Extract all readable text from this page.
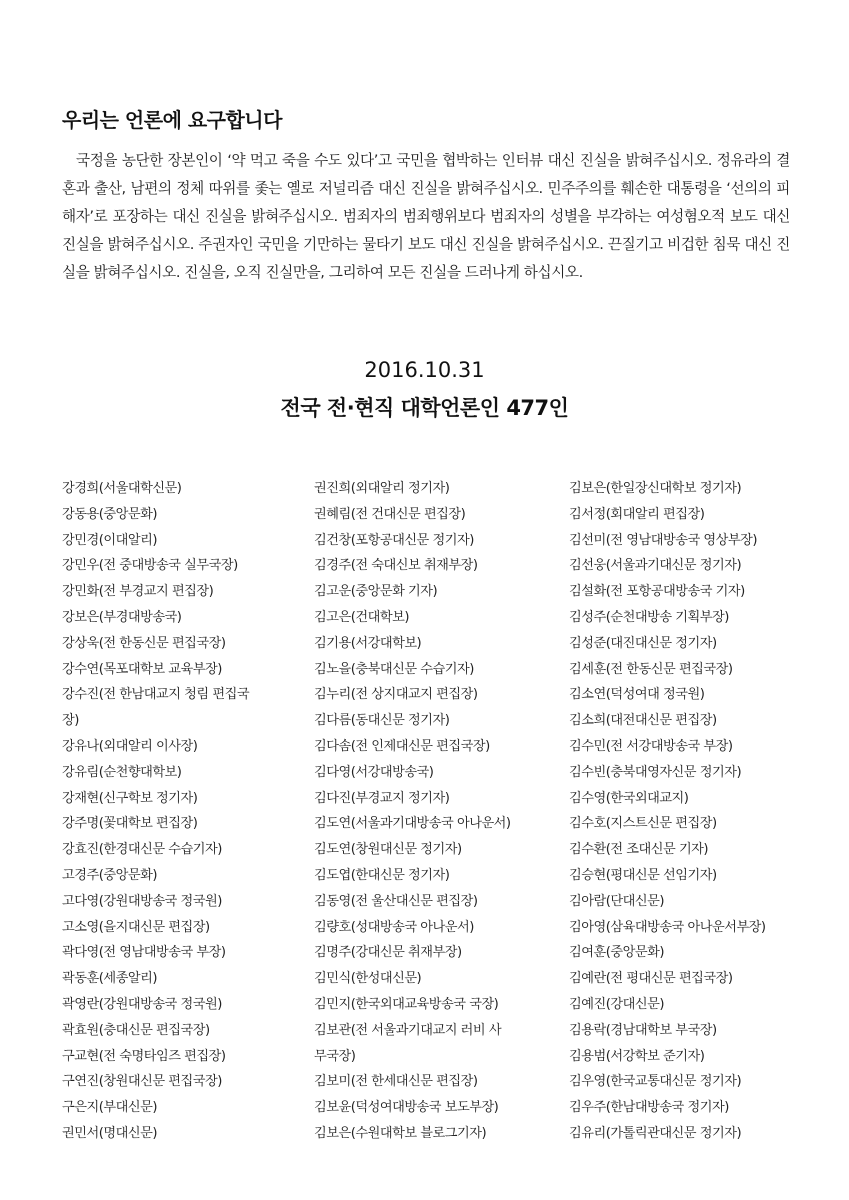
우리는 언론에 요구합니다

국정을 농단한 장본인이 ‘약 먹고 죽을 수도 있다’고 국민을 협박하는 인터뷰 대신 진실을 밝혀주십시오. 정유라의 결혼과 출산, 남편의 정체 따위를 좇는 옐로 저널리즘 대신 진실을 밝혀주십시오. 민주주의를 훼손한 대통령을 ‘선의의 피해자’로 포장하는 대신 진실을 밝혀주십시오. 범죄자의 범죄행위보다 범죄자의 성별을 부각하는 여성혐오적 보도 대신 진실을 밝혀주십시오. 주권자인 국민을 기만하는 물타기 보도 대신 진실을 밝혀주십시오. 끈질기고 비겁한 침묵 대신 진실을 밝혀주십시오. 진실을, 오직 진실만을, 그리하여 모든 진실을 드러나게 하십시오.

2016.10.31
전국 전·현직 대학언론인 477인
강경희(서울대학신문)
강동용(중앙문화)
강민경(이대알리)
강민우(전 중대방송국 실무국장)
강민화(전 부경교지 편집장)
강보은(부경대방송국)
강상욱(전 한동신문 편집국장)
강수연(목포대학보 교육부장)
강수진(전 한남대교지 청림 편집국
장)
강유나(외대알리 이사장)
강유림(순천향대학보)
강재현(신구학보 정기자)
강주명(꽃대학보 편집장)
강효진(한경대신문 수습기자)
고경주(중앙문화)
고다영(강원대방송국 정국원)
고소영(을지대신문 편집장)
곽다영(전 영남대방송국 부장)
곽동훈(세종알리)
곽영란(강원대방송국 정국원)
곽효원(충대신문 편집국장)
구교현(전 숙명타임즈 편집장)
구연진(창원대신문 편집국장)
구은지(부대신문)
권민서(명대신문)
권진희(외대알리 정기자)
권혜림(전 건대신문 편집장)
김건창(포항공대신문 정기자)
김경주(전 숙대신보 취재부장)
김고운(중앙문화 기자)
김고은(건대학보)
김기용(서강대학보)
김노을(충북대신문 수습기자)
김누리(전 상지대교지 편집장)
김다름(동대신문 정기자)
김다솜(전 인제대신문 편집국장)
김다영(서강대방송국)
김다진(부경교지 정기자)
김도연(서울과기대방송국 아나운서)
김도연(창원대신문 정기자)
김도엽(한대신문 정기자)
김동영(전 울산대신문 편집장)
김량호(성대방송국 아나운서)
김명주(강대신문 취재부장)
김민식(한성대신문)
김민지(한국외대교육방송국 국장)
김보관(전 서울과기대교지 러비 사
무국장)
김보미(전 한세대신문 편집장)
김보윤(덕성여대방송국 보도부장)
김보은(수원대학보 블로그기자)
김보은(한일장신대학보 정기자)
김서정(회대알리 편집장)
김선미(전 영남대방송국 영상부장)
김선웅(서울과기대신문 정기자)
김설화(전 포항공대방송국 기자)
김성주(순천대방송 기획부장)
김성준(대진대신문 정기자)
김세훈(전 한동신문 편집국장)
김소연(덕성여대 정국원)
김소희(대전대신문 편집장)
김수민(전 서강대방송국 부장)
김수빈(충북대영자신문 정기자)
김수영(한국외대교지)
김수호(지스트신문 편집장)
김수환(전 조대신문 기자)
김승현(평대신문 선임기자)
김아람(단대신문)
김아영(삼육대방송국 아나운서부장)
김여훈(중앙문화)
김예란(전 평대신문 편집국장)
김예진(강대신문)
김용락(경남대학보 부국장)
김용범(서강학보 준기자)
김우영(한국교통대신문 정기자)
김우주(한남대방송국 정기자)
김유리(가톨릭관대신문 정기자)
